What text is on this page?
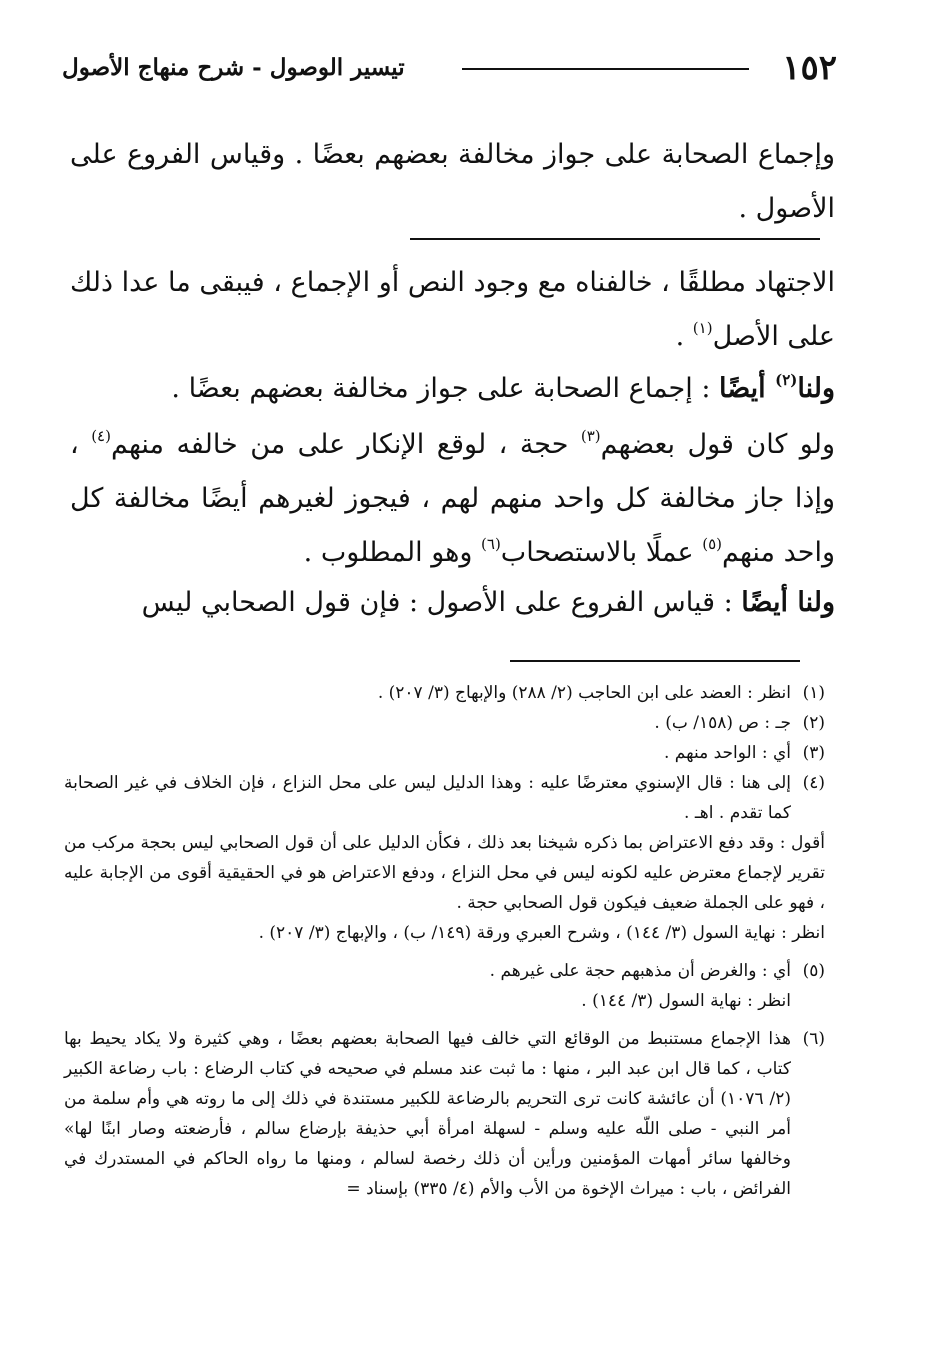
١٥٢
تيسير الوصول - شرح منهاج الأصول
وإجماع الصحابة على جواز مخالفة بعضهم بعضًا . وقياس الفروع على الأصول .
الاجتهاد مطلقًا ، خالفناه مع وجود النص أو الإجماع ، فيبقى ما عدا ذلك على الأصل$^{(١)}$ .
ولنا$^{(٢)}$ أيضًا : إجماع الصحابة على جواز مخالفة بعضهم بعضًا .
ولو كان قول بعضهم$^{(٣)}$ حجة ، لوقع الإنكار على من خالفه منهم$^{(٤)}$ ، وإذا جاز مخالفة كل واحد منهم لهم ، فيجوز لغيرهم أيضًا مخالفة كل واحد منهم$^{(٥)}$ عملًا بالاستصحاب$^{(٦)}$ وهو المطلوب .
ولنا أيضًا : قياس الفروع على الأصول : فإن قول الصحابي ليس

(١)
انظر : العضد على ابن الحاجب (٢/ ٢٨٨) والإبهاج (٣/ ٢٠٧) .

(٢)
جـ : ص (١٥٨/ ب) .

(٣)
أي : الواحد منهم .

(٤)
إلى هنا : قال الإسنوي معترضًا عليه : وهذا الدليل ليس على محل النزاع ، فإن الخلاف في غير الصحابة كما تقدم . اهـ .

أقول : وقد دفع الاعتراض بما ذكره شيخنا بعد ذلك ، فكأن الدليل على أن قول الصحابي ليس بحجة مركب من تقرير لإجماع معترض عليه لكونه ليس في محل النزاع ، ودفع الاعتراض هو في الحقيقية أقوى من الإجابة عليه ، فهو على الجملة ضعيف فيكون قول الصحابي حجة .

انظر : نهاية السول (٣/ ١٤٤) ، وشرح العبري ورقة (١٤٩/ ب) ، والإبهاج (٣/ ٢٠٧) .

(٥)
أي : والغرض أن مذهبهم حجة على غيرهم .

انظر : نهاية السول (٣/ ١٤٤) .

(٦)
هذا الإجماع مستنبط من الوقائع التي خالف فيها الصحابة بعضهم بعضًا ، وهي كثيرة ولا يكاد يحيط بها كتاب ، كما قال ابن عبد البر ، منها : ما ثبت عند مسلم في صحيحه في كتاب الرضاع : باب رضاعة الكبير (٢/ ١٠٧٦) أن عائشة كانت ترى التحريم بالرضاعة للكبير مستندة في ذلك إلى ما روته هي وأم سلمة من أمر النبي - صلى اللّه عليه وسلم - لسهلة امرأة أبي حذيفة بإرضاع سالم ، فأرضعته وصار ابنًا لها» وخالفها سائر أمهات المؤمنين ورأين أن ذلك رخصة لسالم ، ومنها ما رواه الحاكم في المستدرك في الفرائض ، باب : ميراث الإخوة من الأب والأم (٤/ ٣٣٥) بإسناد =
